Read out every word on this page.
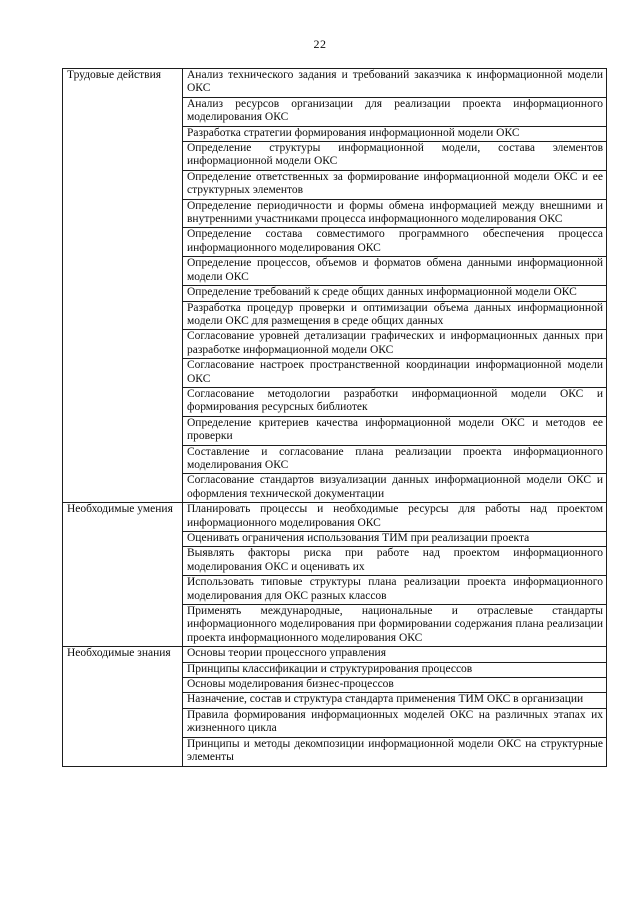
22
Трудовые действия	Анализ технического задания и требований заказчика к информационной модели ОКС
	Анализ ресурсов организации для реализации проекта информационного моделирования ОКС
	Разработка стратегии формирования информационной модели ОКС
	Определение структуры информационной модели, состава элементов информационной модели ОКС
	Определение ответственных за формирование информационной модели ОКС и ее структурных элементов
	Определение периодичности и формы обмена информацией между внешними и внутренними участниками процесса информационного моделирования ОКС
	Определение состава совместимого программного обеспечения процесса информационного моделирования ОКС
	Определение процессов, объемов и форматов обмена данными информационной модели ОКС
	Определение требований к среде общих данных информационной модели ОКС
	Разработка процедур проверки и оптимизации объема данных информационной модели ОКС для размещения в среде общих данных
	Согласование уровней детализации графических и информационных данных при разработке информационной модели ОКС
	Согласование настроек пространственной координации информационной модели ОКС
	Согласование методологии разработки информационной модели ОКС и формирования ресурсных библиотек
	Определение критериев качества информационной модели ОКС и методов ее проверки
	Составление и согласование плана реализации проекта информационного моделирования ОКС
	Согласование стандартов визуализации данных информационной модели ОКС и оформления технической документации

Необходимые умения	Планировать процессы и необходимые ресурсы для работы над проектом информационного моделирования ОКС
	Оценивать ограничения использования ТИМ при реализации проекта
	Выявлять факторы риска при работе над проектом информационного моделирования ОКС и оценивать их
	Использовать типовые структуры плана реализации проекта информационного моделирования для ОКС разных классов
	Применять международные, национальные и отраслевые стандарты информационного моделирования при формировании содержания плана реализации проекта информационного моделирования ОКС

Необходимые знания	Основы теории процессного управления
	Принципы классификации и структурирования процессов
	Основы моделирования бизнес-процессов
	Назначение, состав и структура стандарта применения ТИМ ОКС в организации
	Правила формирования информационных моделей ОКС на различных этапах их жизненного цикла
	Принципы и методы декомпозиции информационной модели ОКС на структурные элементы
